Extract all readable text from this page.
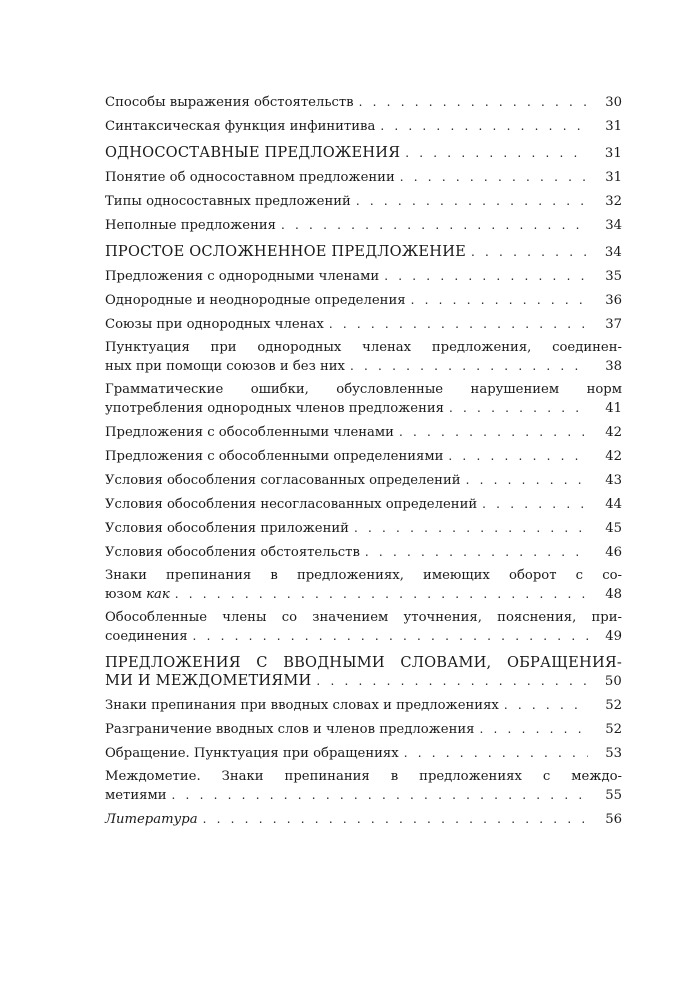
Способы выражения обстоятельств . . .	30
Синтаксическая функция инфинитива . . .	31
ОДНОСОСТАВНЫЕ ПРЕДЛОЖЕНИЯ . . .	31
Понятие об односоставном предложении . . .	31
Типы односоставных предложений . . .	32
Неполные предложения . . .	34
ПРОСТОЕ ОСЛОЖНЕННОЕ ПРЕДЛОЖЕНИЕ . . .	34
Предложения с однородными членами . . .	35
Однородные и неоднородные определения . . .	36
Союзы при однородных членах . . .	37
Пунктуация при однородных членах предложения, соединен-
ных при помощи союзов и без них . . .	38
Грамматические ошибки, обусловленные нарушением норм
употребления однородных членов предложения . . .	41
Предложения с обособленными членами . . .	42
Предложения с обособленными определениями . . .	42
Условия обособления согласованных определений . . .	43
Условия обособления несогласованных определений . . .	44
Условия обособления приложений . . .	45
Условия обособления обстоятельств . . .	46
Знаки препинания в предложениях, имеющих оборот с со-
юзом как . . .	48
Обособленные члены со значением уточнения, пояснения, при-
соединения . . .	49
ПРЕДЛОЖЕНИЯ С ВВОДНЫМИ СЛОВАМИ, ОБРАЩЕНИЯ-
МИ И МЕЖДОМЕТИЯМИ . . .	50
Знаки препинания при вводных словах и предложениях . . .	52
Разграничение вводных слов и членов предложения . . .	52
Обращение. Пунктуация при обращениях . . .	53
Междометие. Знаки препинания в предложениях с междо-
метиями . . .	55
Литература . . .	56
